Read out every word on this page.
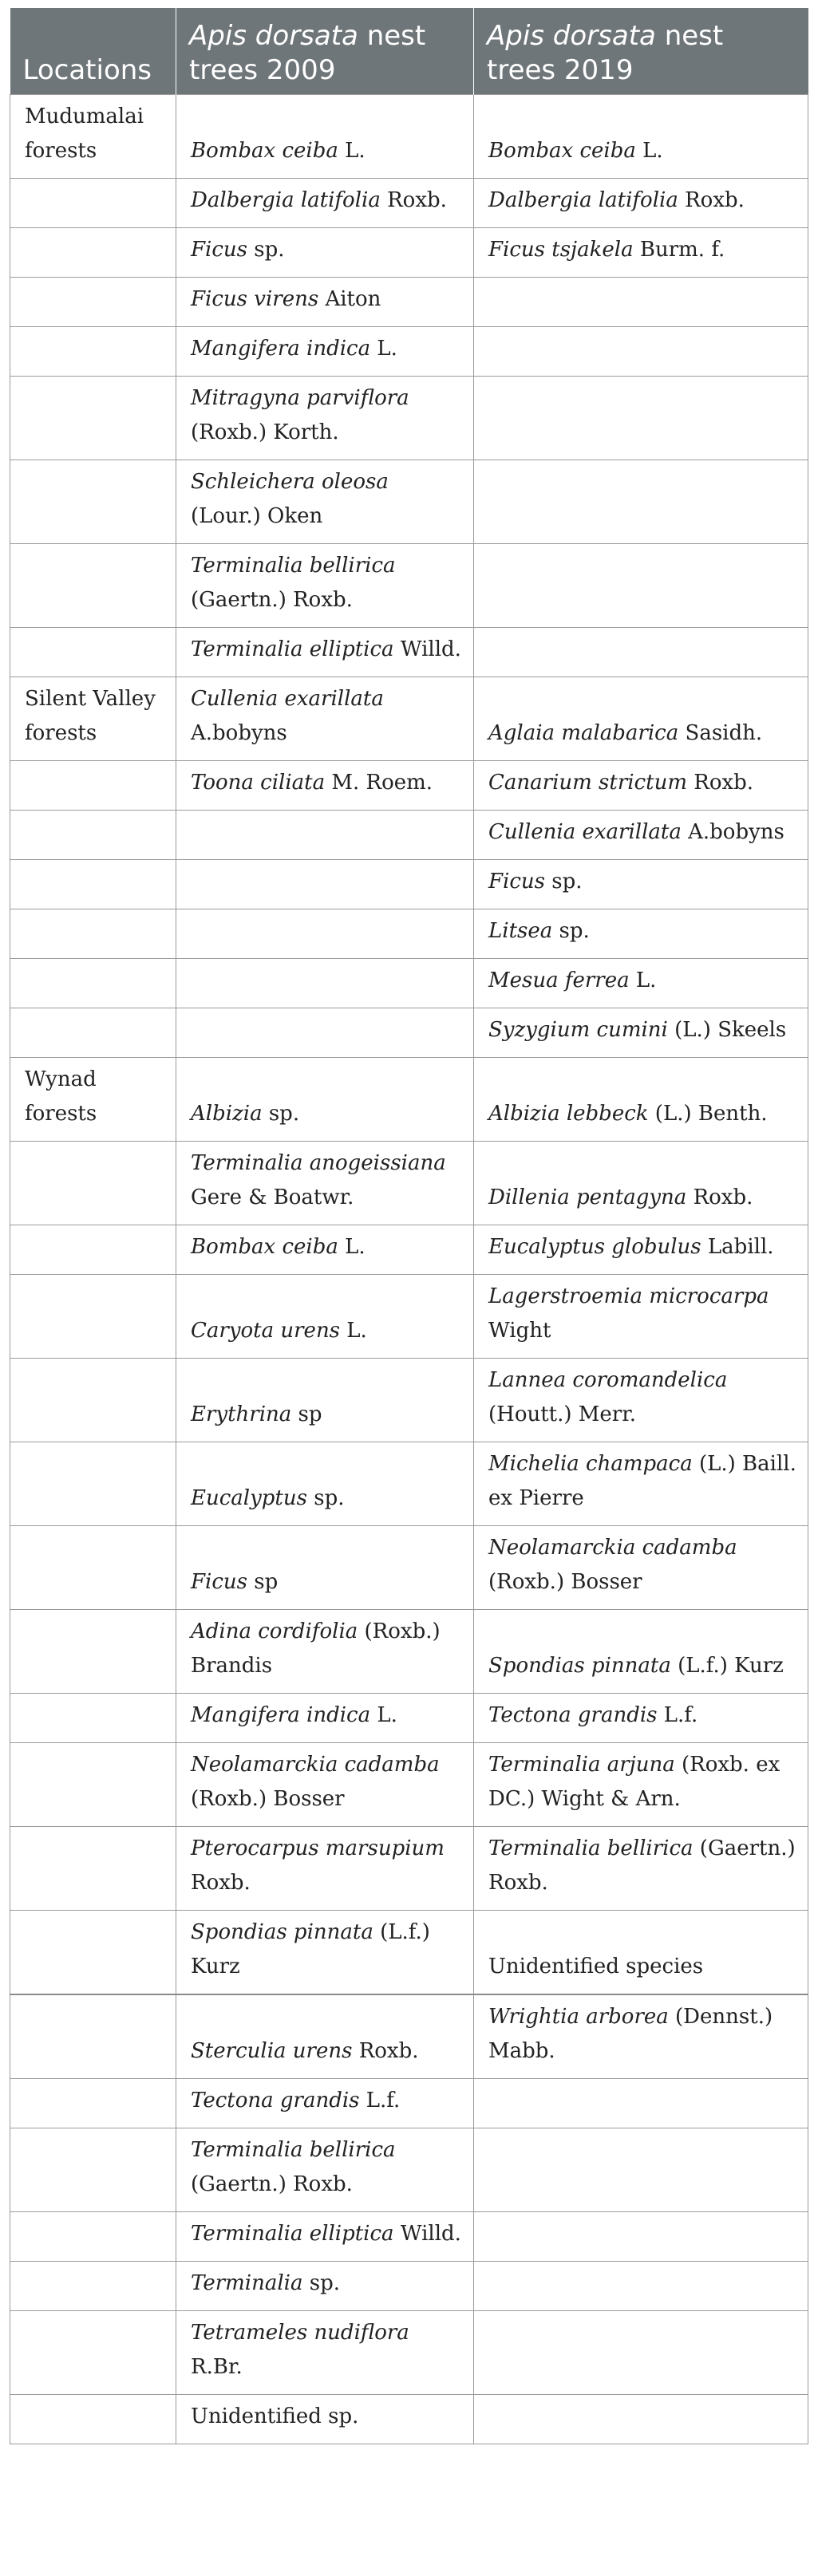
Locations	Apis dorsata nest trees 2009	Apis dorsata nest trees 2019
Mudumalai forests	Bombax ceiba L.	Bombax ceiba L.
	Dalbergia latifolia Roxb.	Dalbergia latifolia Roxb.
	Ficus sp.	Ficus tsjakela Burm. f.
	Ficus virens Aiton	
	Mangifera indica L.	
	Mitragyna parviflora (Roxb.) Korth.	
	Schleichera oleosa (Lour.) Oken	
	Terminalia bellirica (Gaertn.) Roxb.	
	Terminalia elliptica Willd.	
Silent Valley forests	Cullenia exarillata A.bobyns	Aglaia malabarica Sasidh.
	Toona ciliata M. Roem.	Canarium strictum Roxb.
		Cullenia exarillata A.bobyns
		Ficus sp.
		Litsea sp.
		Mesua ferrea L.
		Syzygium cumini (L.) Skeels
Wynad forests	Albizia sp.	Albizia lebbeck (L.) Benth.
	Terminalia anogeissiana Gere & Boatwr.	Dillenia pentagyna Roxb.
	Bombax ceiba L.	Eucalyptus globulus Labill.
	Caryota urens L.	Lagerstroemia microcarpa Wight
	Erythrina sp	Lannea coromandelica (Houtt.) Merr.
	Eucalyptus sp.	Michelia champaca (L.) Baill. ex Pierre
	Ficus sp	Neolamarckia cadamba (Roxb.) Bosser
	Adina cordifolia (Roxb.) Brandis	Spondias pinnata (L.f.) Kurz
	Mangifera indica L.	Tectona grandis L.f.
	Neolamarckia cadamba (Roxb.) Bosser	Terminalia arjuna (Roxb. ex DC.) Wight & Arn.
	Pterocarpus marsupium Roxb.	Terminalia bellirica (Gaertn.) Roxb.
	Spondias pinnata (L.f.) Kurz	Unidentified species
	Sterculia urens Roxb.	Wrightia arborea (Dennst.) Mabb.
	Tectona grandis L.f.	
	Terminalia bellirica (Gaertn.) Roxb.	
	Terminalia elliptica Willd.	
	Terminalia sp.	
	Tetrameles nudiflora R.Br.	
	Unidentified sp.	
